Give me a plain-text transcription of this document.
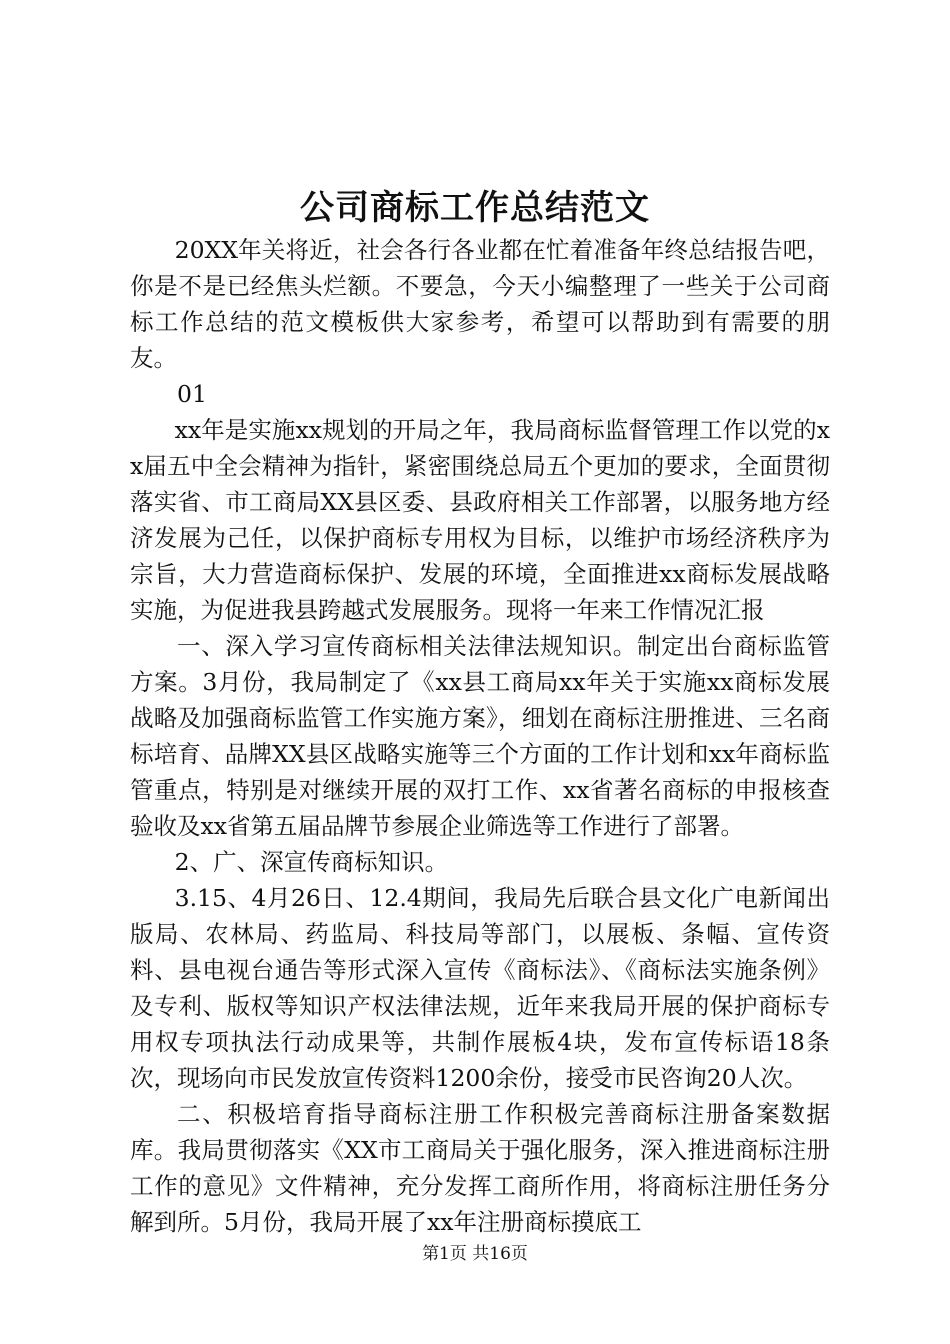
公司商标工作总结范文

20XX年关将近，社会各行各业都在忙着准备年终总结报告吧，你是不是已经焦头烂额。不要急，今天小编整理了一些关于公司商标工作总结的范文模板供大家参考，希望可以帮助到有需要的朋友。

01

xx年是实施xx规划的开局之年，我局商标监督管理工作以党的xx届五中全会精神为指针，紧密围绕总局五个更加的要求，全面贯彻落实省、市工商局XX县区委、县政府相关工作部署，以服务地方经济发展为己任，以保护商标专用权为目标，以维护市场经济秩序为宗旨，大力营造商标保护、发展的环境，全面推进xx商标发展战略实施，为促进我县跨越式发展服务。现将一年来工作情况汇报

一、深入学习宣传商标相关法律法规知识。制定出台商标监管方案。3月份，我局制定了《xx县工商局xx年关于实施xx商标发展战略及加强商标监管工作实施方案》，细划在商标注册推进、三名商标培育、品牌XX县区战略实施等三个方面的工作计划和xx年商标监管重点，特别是对继续开展的双打工作、xx省著名商标的申报核查验收及xx省第五届品牌节参展企业筛选等工作进行了部署。

2、广、深宣传商标知识。

3.15、4月26日、12.4期间，我局先后联合县文化广电新闻出版局、农林局、药监局、科技局等部门，以展板、条幅、宣传资料、县电视台通告等形式深入宣传《商标法》、《商标法实施条例》及专利、版权等知识产权法律法规，近年来我局开展的保护商标专用权专项执法行动成果等，共制作展板4块，发布宣传标语18条次，现场向市民发放宣传资料1200余份，接受市民咨询20人次。

二、积极培育指导商标注册工作积极完善商标注册备案数据库。我局贯彻落实《XX市工商局关于强化服务，深入推进商标注册工作的意见》文件精神，充分发挥工商所作用，将商标注册任务分解到所。5月份，我局开展了xx年注册商标摸底工

第1页 共16页
